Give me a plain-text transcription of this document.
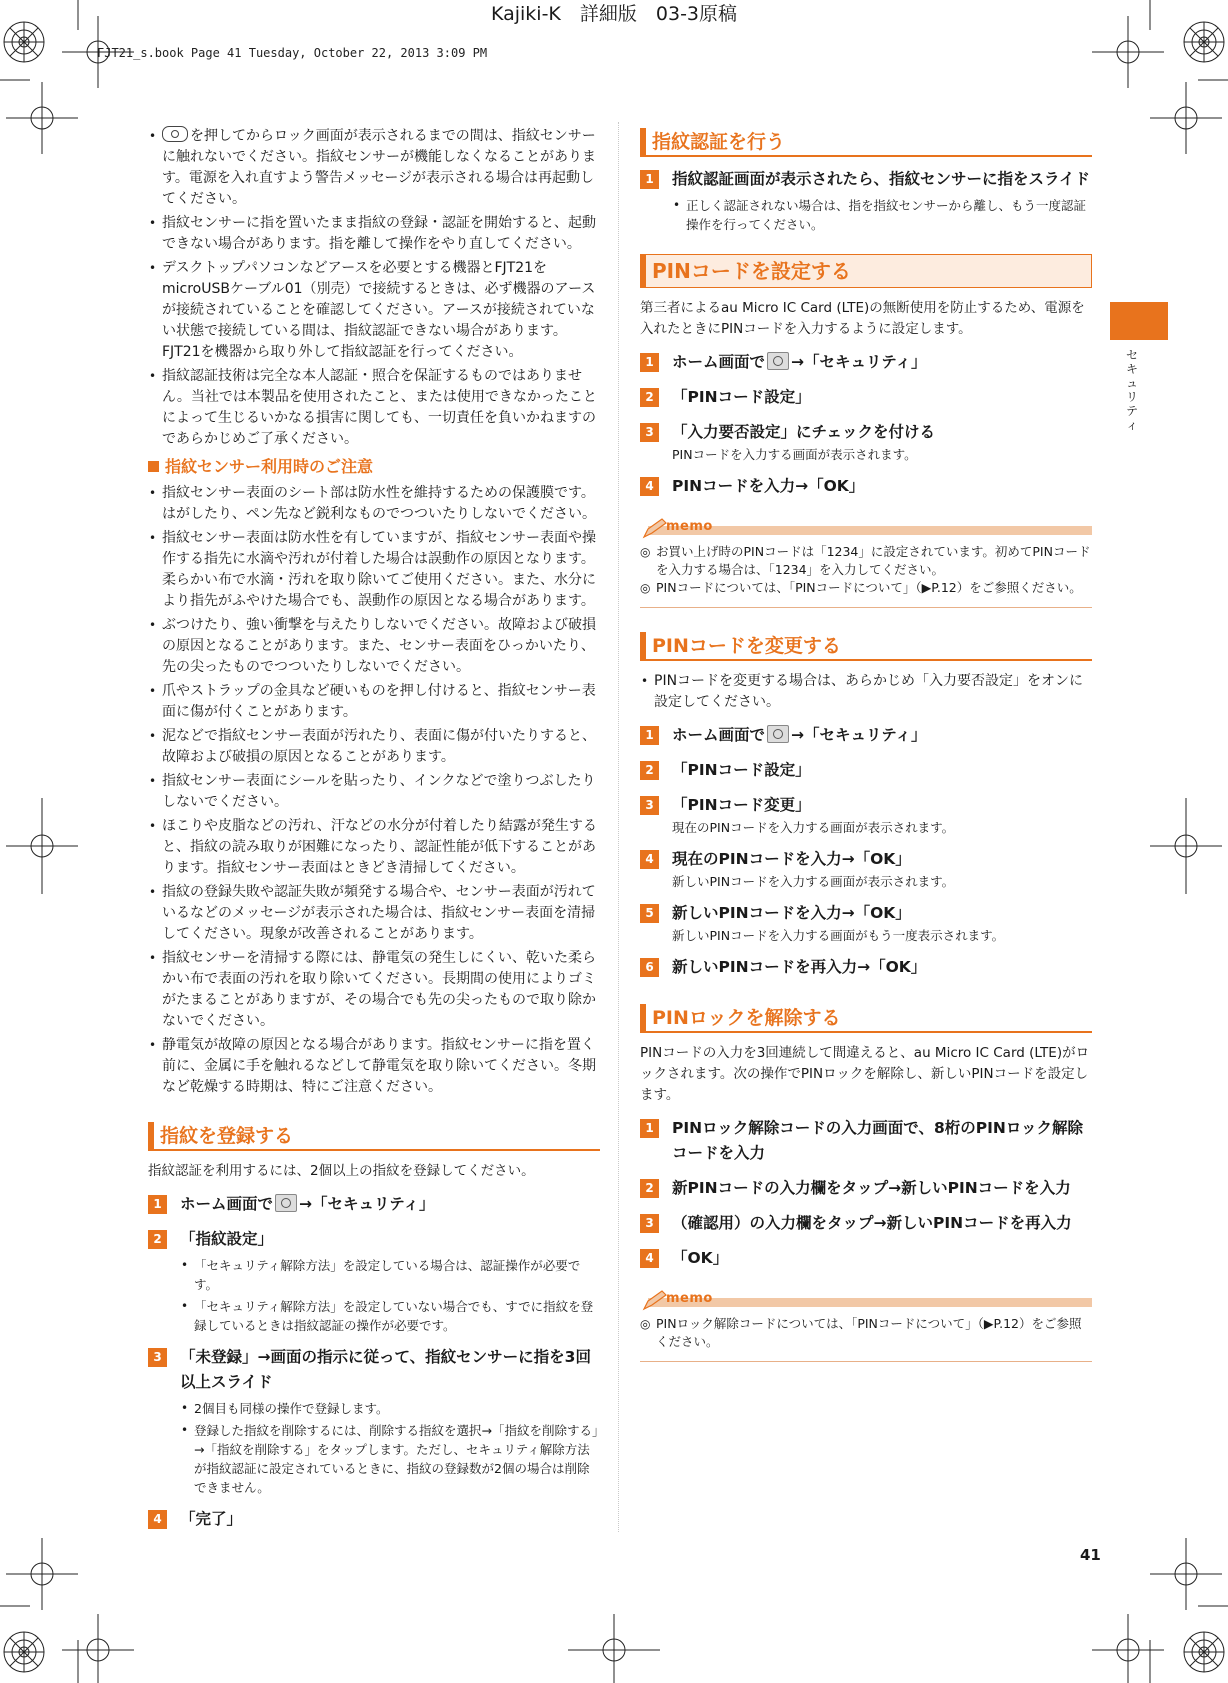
Kajiki-K　詳細版　03-3原稿
FJT21_s.book Page 41 Tuesday, October 22, 2013 3:09 PM
セキュリティ
• を押してからロック画面が表示されるまでの間は、指紋センサーに触れないでください。指紋センサーが機能しなくなることがあります。電源を入れ直すよう警告メッセージが表示される場合は再起動してください。
• 指紋センサーに指を置いたまま指紋の登録・認証を開始すると、起動できない場合があります。指を離して操作をやり直してください。
• デスクトップパソコンなどアースを必要とする機器とFJT21をmicroUSBケーブル01（別売）で接続するときは、必ず機器のアースが接続されていることを確認してください。アースが接続されていない状態で接続している間は、指紋認証できない場合があります。FJT21を機器から取り外して指紋認証を行ってください。
• 指紋認証技術は完全な本人認証・照合を保証するものではありません。当社では本製品を使用されたこと、または使用できなかったことによって生じるいかなる損害に関しても、一切責任を負いかねますのであらかじめご了承ください。
指紋センサー利用時のご注意
• 指紋センサー表面のシート部は防水性を維持するための保護膜です。はがしたり、ペン先など鋭利なものでつついたりしないでください。
• 指紋センサー表面は防水性を有していますが、指紋センサー表面や操作する指先に水滴や汚れが付着した場合は誤動作の原因となります。柔らかい布で水滴・汚れを取り除いてご使用ください。また、水分により指先がふやけた場合でも、誤動作の原因となる場合があります。
• ぶつけたり、強い衝撃を与えたりしないでください。故障および破損の原因となることがあります。また、センサー表面をひっかいたり、先の尖ったものでつついたりしないでください。
• 爪やストラップの金具など硬いものを押し付けると、指紋センサー表面に傷が付くことがあります。
• 泥などで指紋センサー表面が汚れたり、表面に傷が付いたりすると、故障および破損の原因となることがあります。
• 指紋センサー表面にシールを貼ったり、インクなどで塗りつぶしたりしないでください。
• ほこりや皮脂などの汚れ、汗などの水分が付着したり結露が発生すると、指紋の読み取りが困難になったり、認証性能が低下することがあります。指紋センサー表面はときどき清掃してください。
• 指紋の登録失敗や認証失敗が頻発する場合や、センサー表面が汚れているなどのメッセージが表示された場合は、指紋センサー表面を清掃してください。現象が改善されることがあります。
• 指紋センサーを清掃する際には、静電気の発生しにくい、乾いた柔らかい布で表面の汚れを取り除いてください。長期間の使用によりゴミがたまることがありますが、その場合でも先の尖ったもので取り除かないでください。
• 静電気が故障の原因となる場合があります。指紋センサーに指を置く前に、金属に手を触れるなどして静電気を取り除いてください。冬期など乾燥する時期は、特にご注意ください。
指紋を登録する
指紋認証を利用するには、2個以上の指紋を登録してください。
1	ホーム画面で →「セキュリティ」
2	「指紋設定」
• 「セキュリティ解除方法」を設定している場合は、認証操作が必要です。
• 「セキュリティ解除方法」を設定していない場合でも、すでに指紋を登録しているときは指紋認証の操作が必要です。
3	「未登録」→画面の指示に従って、指紋センサーに指を3回以上スライド
• 2個目も同様の操作で登録します。
• 登録した指紋を削除するには、削除する指紋を選択→「指紋を削除する」→「指紋を削除する」をタップします。ただし、セキュリティ解除方法が指紋認証に設定されているときに、指紋の登録数が2個の場合は削除できません。
4	「完了」
指紋認証を行う
1	指紋認証画面が表示されたら、指紋センサーに指をスライド
• 正しく認証されない場合は、指を指紋センサーから離し、もう一度認証操作を行ってください。
PINコードを設定する
第三者によるau Micro IC Card (LTE)の無断使用を防止するため、電源を入れたときにPINコードを入力するように設定します。
1	ホーム画面で →「セキュリティ」
2	「PINコード設定」
3	「入力要否設定」にチェックを付ける
PINコードを入力する画面が表示されます。
4	PINコードを入力→「OK」
memo
◎ お買い上げ時のPINコードは「1234」に設定されています。初めてPINコードを入力する場合は、「1234」を入力してください。
◎ PINコードについては、「PINコードについて」（▶P.12）をご参照ください。
PINコードを変更する
• PINコードを変更する場合は、あらかじめ「入力要否設定」をオンに設定してください。
1	ホーム画面で →「セキュリティ」
2	「PINコード設定」
3	「PINコード変更」
現在のPINコードを入力する画面が表示されます。
4	現在のPINコードを入力→「OK」
新しいPINコードを入力する画面が表示されます。
5	新しいPINコードを入力→「OK」
新しいPINコードを入力する画面がもう一度表示されます。
6	新しいPINコードを再入力→「OK」
PINロックを解除する
PINコードの入力を3回連続して間違えると、au Micro IC Card (LTE)がロックされます。次の操作でPINロックを解除し、新しいPINコードを設定します。
1	PINロック解除コードの入力画面で、8桁のPINロック解除コードを入力
2	新PINコードの入力欄をタップ→新しいPINコードを入力
3	（確認用）の入力欄をタップ→新しいPINコードを再入力
4	「OK」
memo
◎ PINロック解除コードについては、「PINコードについて」（▶P.12）をご参照ください。
41
